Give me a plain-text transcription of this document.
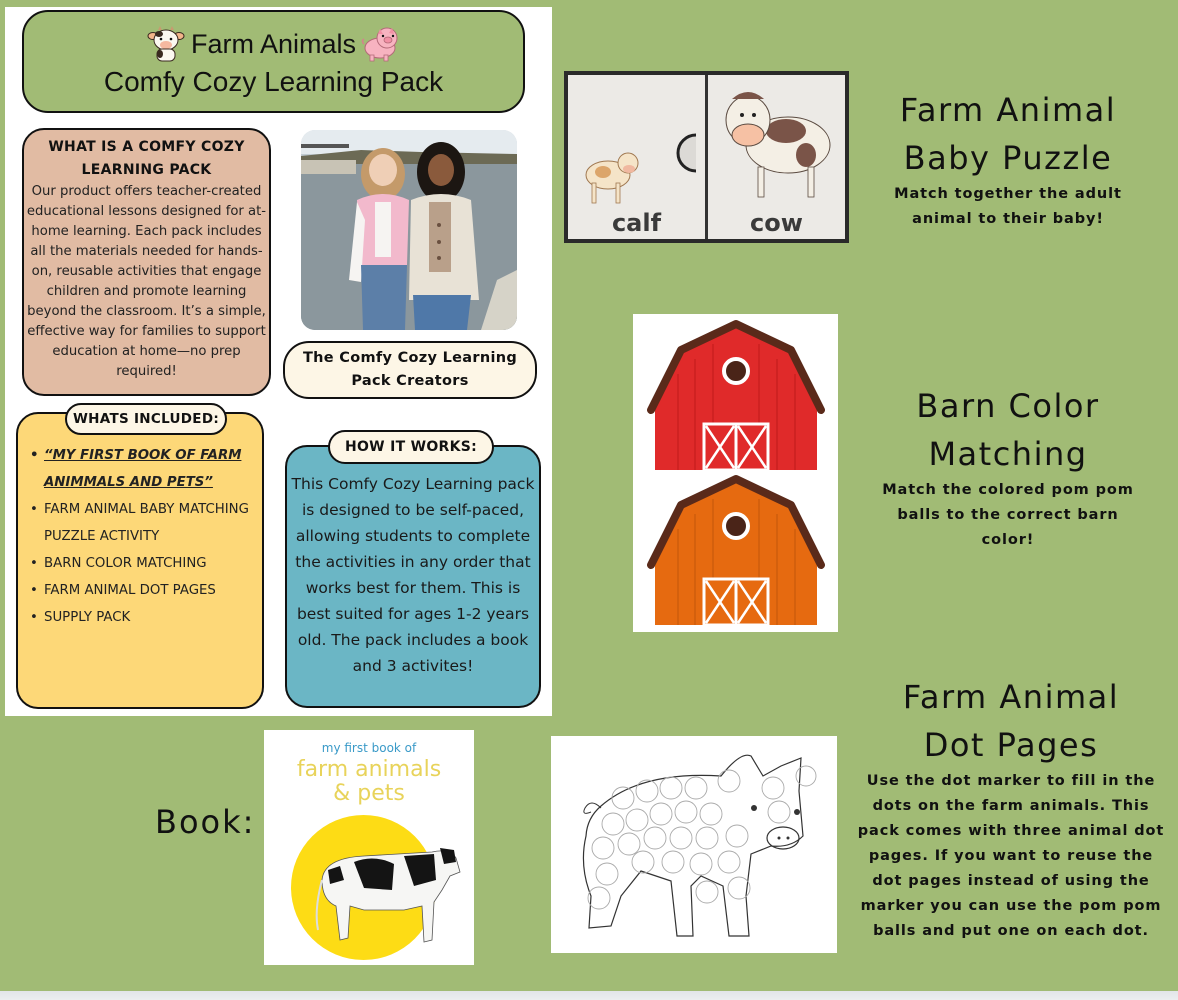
Farm Animals
Comfy Cozy Learning Pack
WHAT IS A COMFY COZY LEARNING PACK
Our product offers teacher-created educational lessons designed for at-home learning. Each pack includes all the materials needed for hands-on, reusable activities that engage children and promote learning beyond the classroom. It’s a simple, effective way for families to support education at home—no prep required!
The Comfy Cozy Learning
Pack Creators
• “MY FIRST BOOK OF FARM ANIMMALS AND PETS”
• FARM ANIMAL BABY MATCHING PUZZLE ACTIVITY
• BARN COLOR MATCHING
• FARM ANIMAL DOT PAGES
• SUPPLY PACK
WHATS INCLUDED:
This Comfy Cozy Learning pack is designed to be self-paced, allowing students to complete the activities in any order that works best for them. This is best suited for ages 1-2 years old. The pack includes a book and 3 activites!
HOW IT WORKS:
calf	cow
Farm Animal
Baby Puzzle
Match together the adult animal to their baby!
Barn Color
Matching
Match the colored pom pom balls to the correct barn color!
Book:
my first book of
farm animals
& pets
Farm Animal
Dot Pages
Use the dot marker to fill in the dots on the farm animals. This pack comes with three animal dot pages. If you want to reuse the dot pages instead of using the marker you can use the pom pom balls and put one on each dot.
